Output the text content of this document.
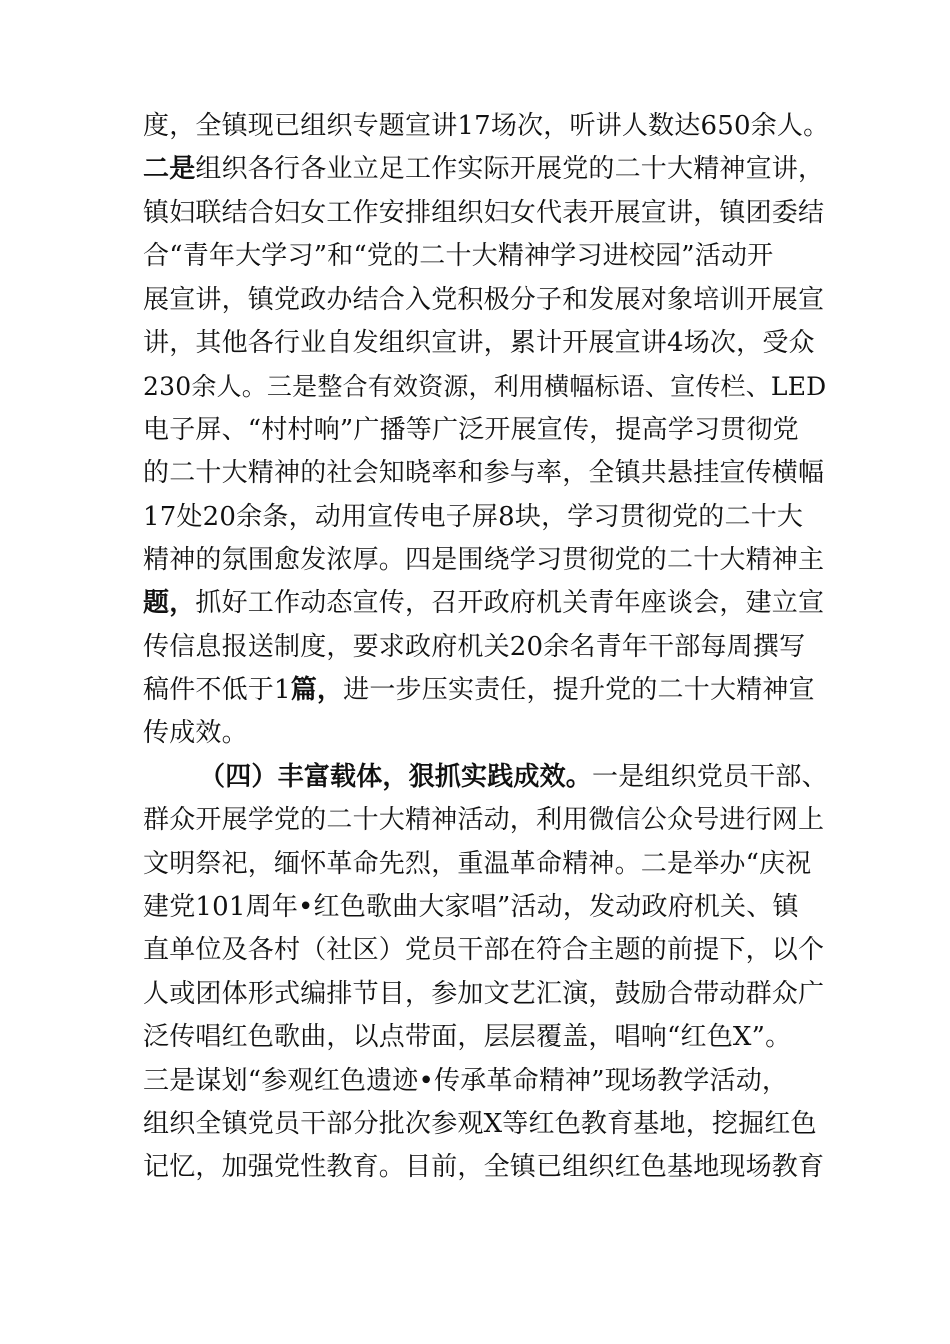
度，全镇现已组织专题宣讲17场次，听讲人数达650余人。
二是组织各行各业立足工作实际开展党的二十大精神宣讲，
镇妇联结合妇女工作安排组织妇女代表开展宣讲，镇团委结
合“青年大学习”和“党的二十大精神学习进校园”活动开
展宣讲，镇党政办结合入党积极分子和发展对象培训开展宣
讲，其他各行业自发组织宣讲，累计开展宣讲4场次，受众
230余人。三是整合有效资源，利用横幅标语、宣传栏、LED
电子屏、“村村响”广播等广泛开展宣传，提高学习贯彻党
的二十大精神的社会知晓率和参与率，全镇共悬挂宣传横幅
17处20余条，动用宣传电子屏8块，学习贯彻党的二十大
精神的氛围愈发浓厚。四是围绕学习贯彻党的二十大精神主
题，抓好工作动态宣传，召开政府机关青年座谈会，建立宣
传信息报送制度，要求政府机关20余名青年干部每周撰写
稿件不低于1篇，进一步压实责任，提升党的二十大精神宣
传成效。
（四）丰富载体，狠抓实践成效。一是组织党员干部、
群众开展学党的二十大精神活动，利用微信公众号进行网上
文明祭祀，缅怀革命先烈，重温革命精神。二是举办“庆祝
建党101周年•红色歌曲大家唱”活动，发动政府机关、镇
直单位及各村（社区）党员干部在符合主题的前提下，以个
人或团体形式编排节目，参加文艺汇演，鼓励合带动群众广
泛传唱红色歌曲，以点带面，层层覆盖，唱响“红色X”。
三是谋划“参观红色遗迹•传承革命精神”现场教学活动，
组织全镇党员干部分批次参观X等红色教育基地，挖掘红色
记忆，加强党性教育。目前，全镇已组织红色基地现场教育
